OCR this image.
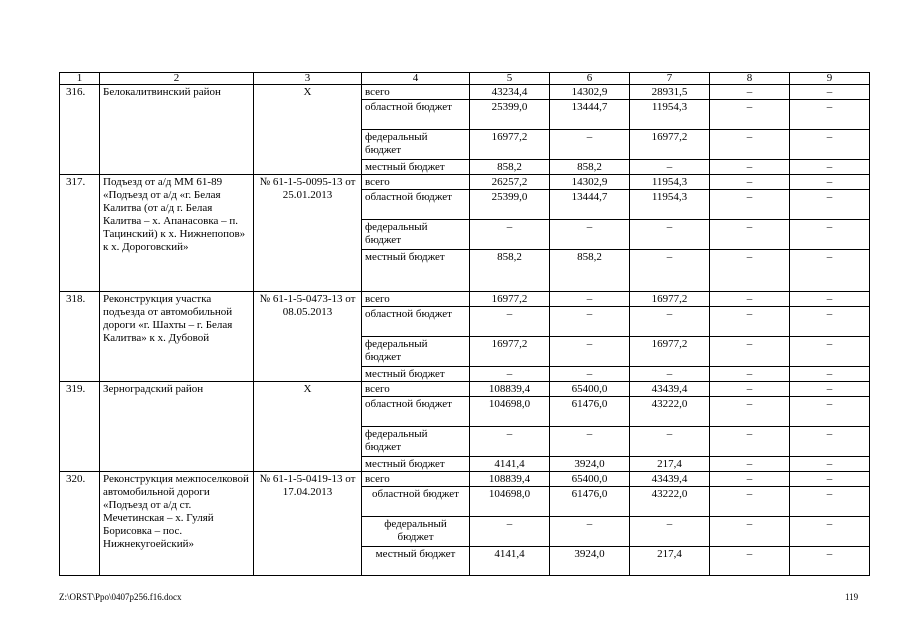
1	2	3	4	5	6	7	8	9
316.	Белокалитвинский район	Х	всего	43234,4	14302,9	28931,5	–	–
			областной бюджет	25399,0	13444,7	11954,3	–	–
			федеральный бюджет	16977,2	–	16977,2	–	–
			местный бюджет	858,2	858,2	–	–	–
317.	Подъезд от а/д ММ 61-89 «Подъезд от а/д «г. Белая Калитва (от а/д г. Белая Калитва – х. Апанасовка – п. Тацинский) к х. Нижнепопов» к х. Дороговский»	№ 61-1-5-0095-13 от 25.01.2013	всего	26257,2	14302,9	11954,3	–	–
			областной бюджет	25399,0	13444,7	11954,3	–	–
			федеральный бюджет	–	–	–	–	–
			местный бюджет	858,2	858,2	–	–	–
318.	Реконструкция участка подъезда от автомобильной дороги «г. Шахты – г. Белая Калитва» к х. Дубовой	№ 61-1-5-0473-13 от 08.05.2013	всего	16977,2	–	16977,2	–	–
			областной бюджет	–	–	–	–	–
			федеральный бюджет	16977,2	–	16977,2	–	–
			местный бюджет	–	–	–	–	–
319.	Зерноградский район	Х	всего	108839,4	65400,0	43439,4	–	–
			областной бюджет	104698,0	61476,0	43222,0	–	–
			федеральный бюджет	–	–	–	–	–
			местный бюджет	4141,4	3924,0	217,4	–	–
320.	Реконструкция межпоселковой автомобильной дороги «Подъезд от а/д ст. Мечетинская – х. Гуляй Борисовка – пос. Нижнекугоейский»	№ 61-1-5-0419-13 от 17.04.2013	всего	108839,4	65400,0	43439,4	–	–
			областной бюджет	104698,0	61476,0	43222,0	–	–
			федеральный бюджет	–	–	–	–	–
			местный бюджет	4141,4	3924,0	217,4	–	–
Z:\ORST\Ppo\0407p256.f16.docx	119
